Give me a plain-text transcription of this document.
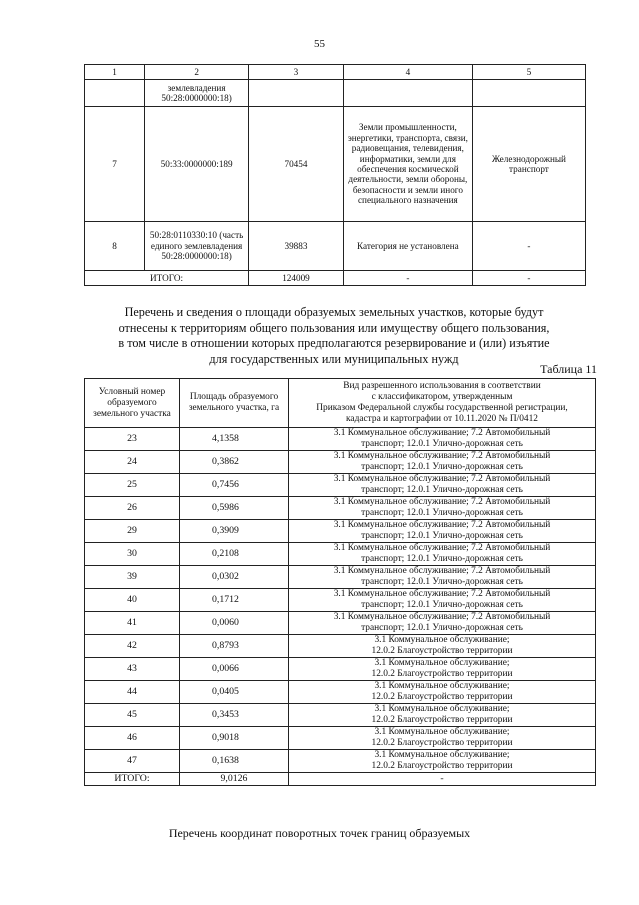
55
1	2	3	4	5
	землевладения 50:28:0000000:18)			
7	50:33:0000000:189	70454	Земли промышленности, энергетики, транспорта, связи, радиовещания, телевидения, информатики, земли для обеспечения космической деятельности, земли обороны, безопасности и земли иного специального назначения	Железнодорожный транспорт
8	50:28:0110330:10 (часть единого землевладения 50:28:0000000:18)	39883	Категория не установлена	-
ИТОГО:		124009	-	-
Перечень и сведения о площади образуемых земельных участков, которые будут
отнесены к территориям общего пользования или имуществу общего пользования,
в том числе в отношении которых предполагаются резервирование и (или) изъятие
для государственных или муниципальных нужд
Таблица 11
Условный номер образуемого земельного участка	Площадь образуемого земельного участка, га	Вид разрешенного использования в соответствии
с классификатором, утвержденным
Приказом Федеральной службы государственной регистрации,
кадастра и картографии от 10.11.2020 № П/0412

23	4,1358	3.1 Коммунальное обслуживание; 7.2 Автомобильный
транспорт; 12.0.1 Улично-дорожная сеть

24	0,3862	3.1 Коммунальное обслуживание; 7.2 Автомобильный
транспорт; 12.0.1 Улично-дорожная сеть

25	0,7456	3.1 Коммунальное обслуживание; 7.2 Автомобильный
транспорт; 12.0.1 Улично-дорожная сеть

26	0,5986	3.1 Коммунальное обслуживание; 7.2 Автомобильный
транспорт; 12.0.1 Улично-дорожная сеть

29	0,3909	3.1 Коммунальное обслуживание; 7.2 Автомобильный
транспорт; 12.0.1 Улично-дорожная сеть

30	0,2108	3.1 Коммунальное обслуживание; 7.2 Автомобильный
транспорт; 12.0.1 Улично-дорожная сеть

39	0,0302	3.1 Коммунальное обслуживание; 7.2 Автомобильный
транспорт; 12.0.1 Улично-дорожная сеть

40	0,1712	3.1 Коммунальное обслуживание; 7.2 Автомобильный
транспорт; 12.0.1 Улично-дорожная сеть

41	0,0060	3.1 Коммунальное обслуживание; 7.2 Автомобильный
транспорт; 12.0.1 Улично-дорожная сеть

42	0,8793	3.1 Коммунальное обслуживание;
12.0.2 Благоустройство территории

43	0,0066	3.1 Коммунальное обслуживание;
12.0.2 Благоустройство территории

44	0,0405	3.1 Коммунальное обслуживание;
12.0.2 Благоустройство территории

45	0,3453	3.1 Коммунальное обслуживание;
12.0.2 Благоустройство территории

46	0,9018	3.1 Коммунальное обслуживание;
12.0.2 Благоустройство территории

47	0,1638	3.1 Коммунальное обслуживание;
12.0.2 Благоустройство территории

ИТОГО:	9,0126	-
Перечень координат поворотных точек границ образуемых
